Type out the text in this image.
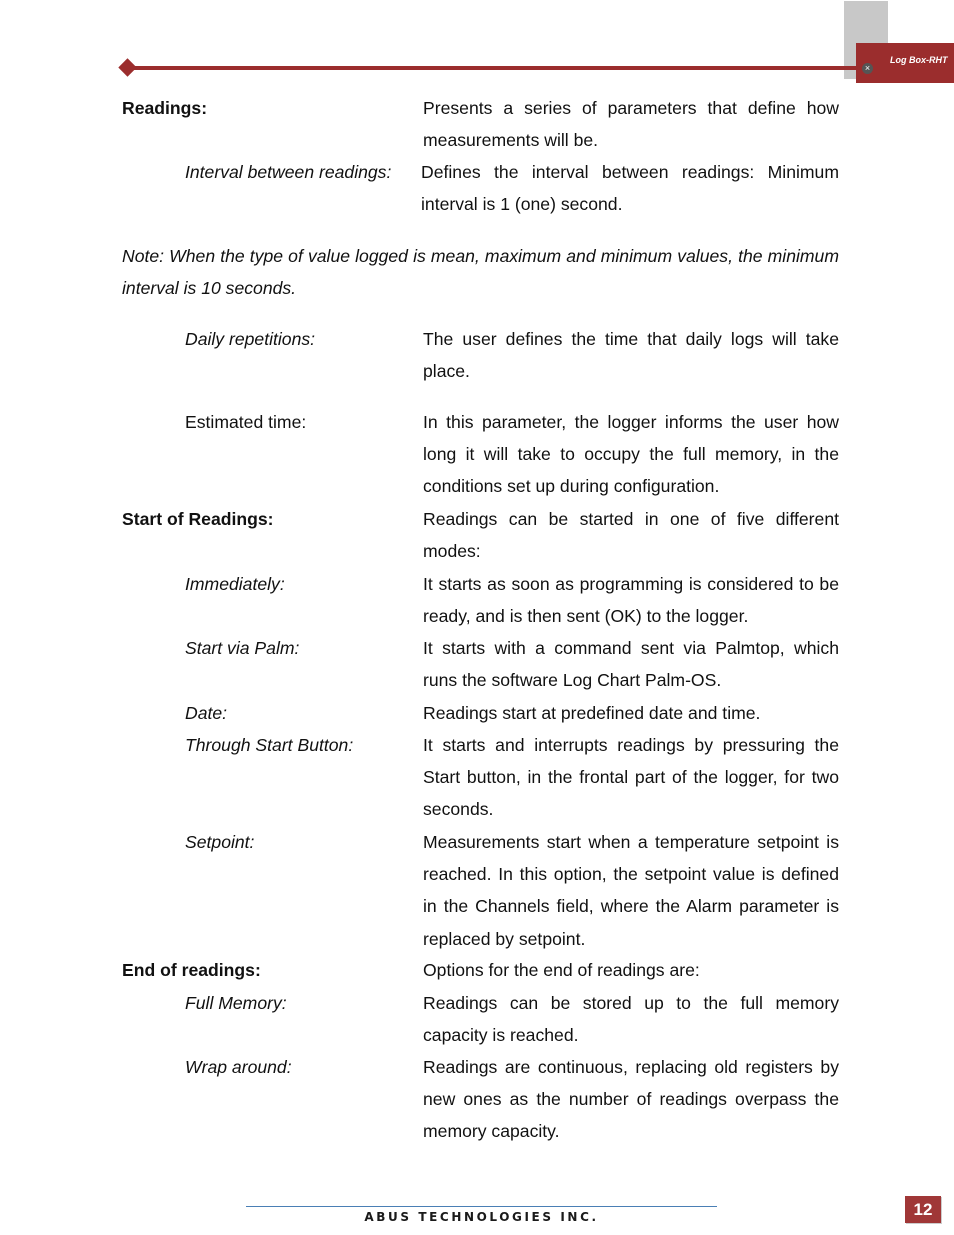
×
Log Box-RHT
Readings:	Presents a series of parameters that define how measurements will be.
Interval between readings:	Defines the interval between readings: Minimum interval is 1 (one) second.
Note: When the type of value logged is mean, maximum and minimum values, the minimum interval is 10 seconds.
Daily repetitions:	The user defines the time that daily logs will take place.
Estimated time:	In this parameter, the logger informs the user how long it will take to occupy the full memory, in the conditions set up during configuration.
Start of Readings:	Readings can be started in one of five different modes:
Immediately:	It starts as soon as programming is considered to be ready, and is then sent (OK) to the logger.
Start via Palm:	It starts with a command sent via Palmtop, which runs the software Log Chart Palm-OS.
Date:	Readings start at predefined date and time.
Through Start Button:	It starts and interrupts readings by pressuring the Start button, in the frontal part of the logger, for two seconds.
Setpoint:	Measurements start when a temperature setpoint is reached. In this option, the setpoint value is defined in the Channels field, where the Alarm parameter is replaced by setpoint.
End of readings:	Options for the end of readings are:
Full Memory:	Readings can be stored up to the full memory capacity is reached.
Wrap around:	Readings are continuous, replacing old registers by new ones as the number of readings overpass the memory capacity.
ABUS TECHNOLOGIES INC.	12
